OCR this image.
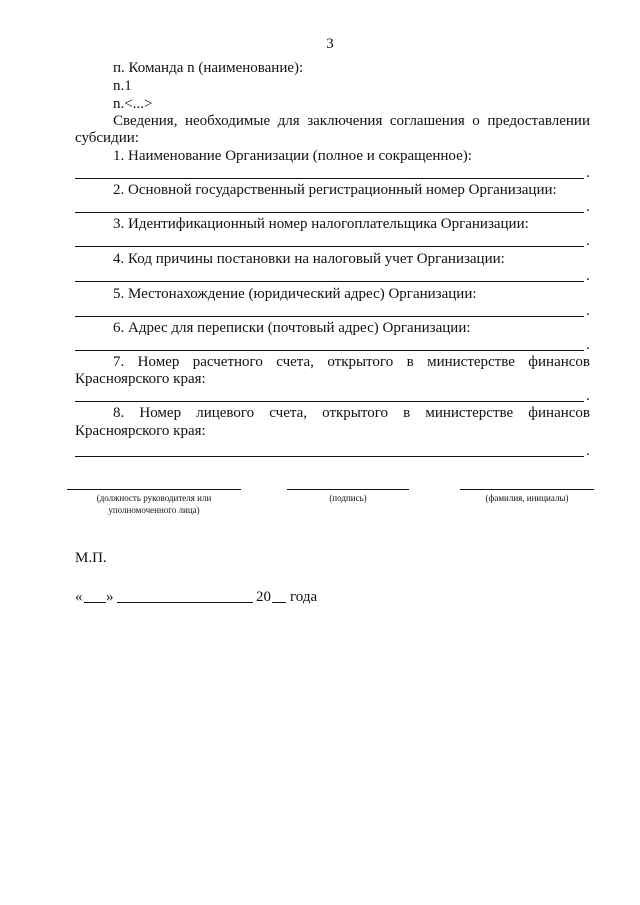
3
п. Команда n (наименование):
n.1
n.<...>
Сведения, необходимые для заключения соглашения о предоставлении
субсидии:
1. Наименование Организации (полное и сокращенное):
.
2. Основной государственный регистрационный номер Организации:
.
3. Идентификационный номер налогоплательщика Организации:
.
4. Код причины постановки на налоговый учет Организации:
.
5. Местонахождение (юридический адрес) Организации:
.
6. Адрес для переписки (почтовый адрес) Организации:
.
7. Номер расчетного счета, открытого в министерстве финансов
Красноярского края:
.
8. Номер лицевого счета, открытого в министерстве финансов
Красноярского края:
.
(должность руководителя или
уполномоченного лица)
(подпись)	(фамилия, инициалы)
М.П.
« »	20 года
